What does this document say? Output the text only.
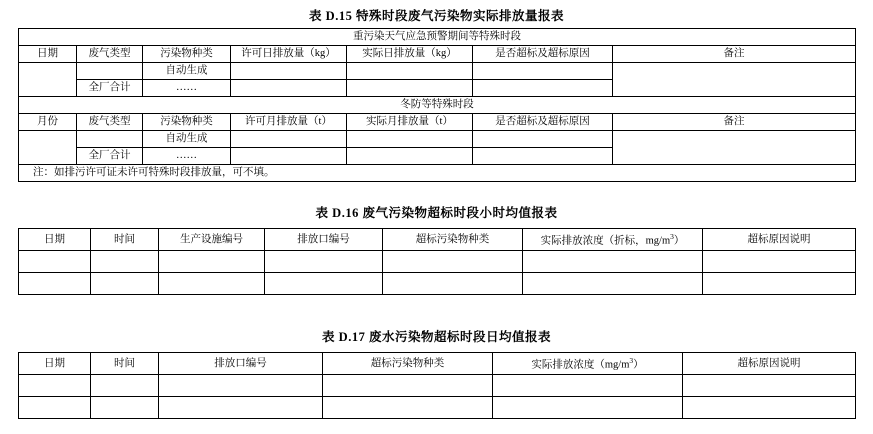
表 D.15 特殊时段废气污染物实际排放量报表
重污染天气应急预警期间等特殊时段						
日期	废气类型	污染物种类	许可日排放量（kg）	实际日排放量（kg）	是否超标及超标原因	备注
		自动生成				
	全厂合计	……				
冬防等特殊时段						
月份	废气类型	污染物种类	许可月排放量（t）	实际月排放量（t）	是否超标及超标原因	备注
		自动生成				
	全厂合计	……				
注：如排污许可证未许可特殊时段排放量，可不填。						
表 D.16 废气污染物超标时段小时均值报表
日期	时间	生产设施编号	排放口编号	超标污染物种类	实际排放浓度（折标，$mg/m^3$）	超标原因说明

表 D.17 废水污染物超标时段日均值报表
日期	时间	排放口编号	超标污染物种类	实际排放浓度$(mg/m^3)$	超标原因说明
